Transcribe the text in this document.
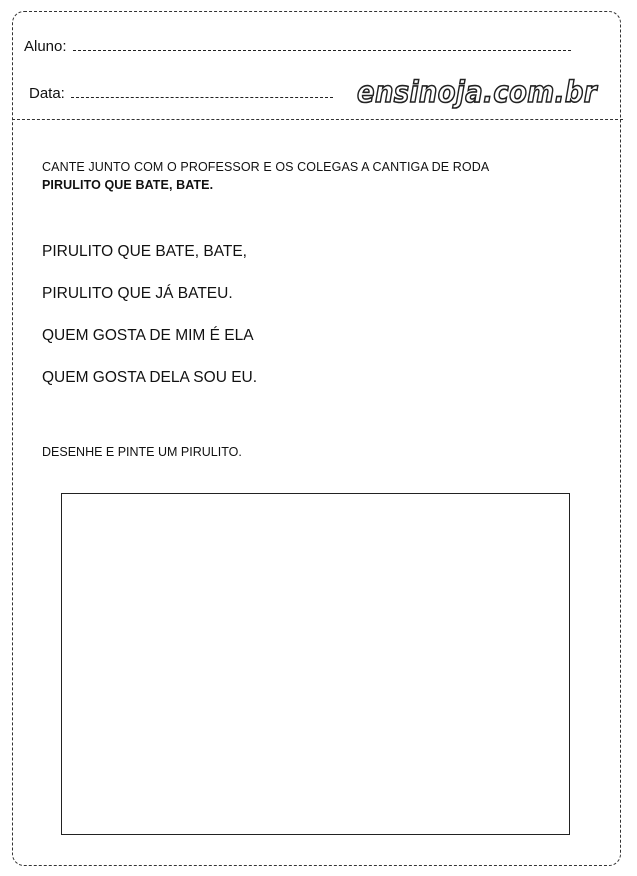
Aluno:
Data:	ensinoja.com.br
CANTE JUNTO COM O PROFESSOR E OS COLEGAS A CANTIGA DE RODA
PIRULITO QUE BATE, BATE.
PIRULITO QUE BATE, BATE,
PIRULITO QUE JÁ BATEU.
QUEM GOSTA DE MIM É ELA
QUEM GOSTA DELA SOU EU.
DESENHE E PINTE UM PIRULITO.
